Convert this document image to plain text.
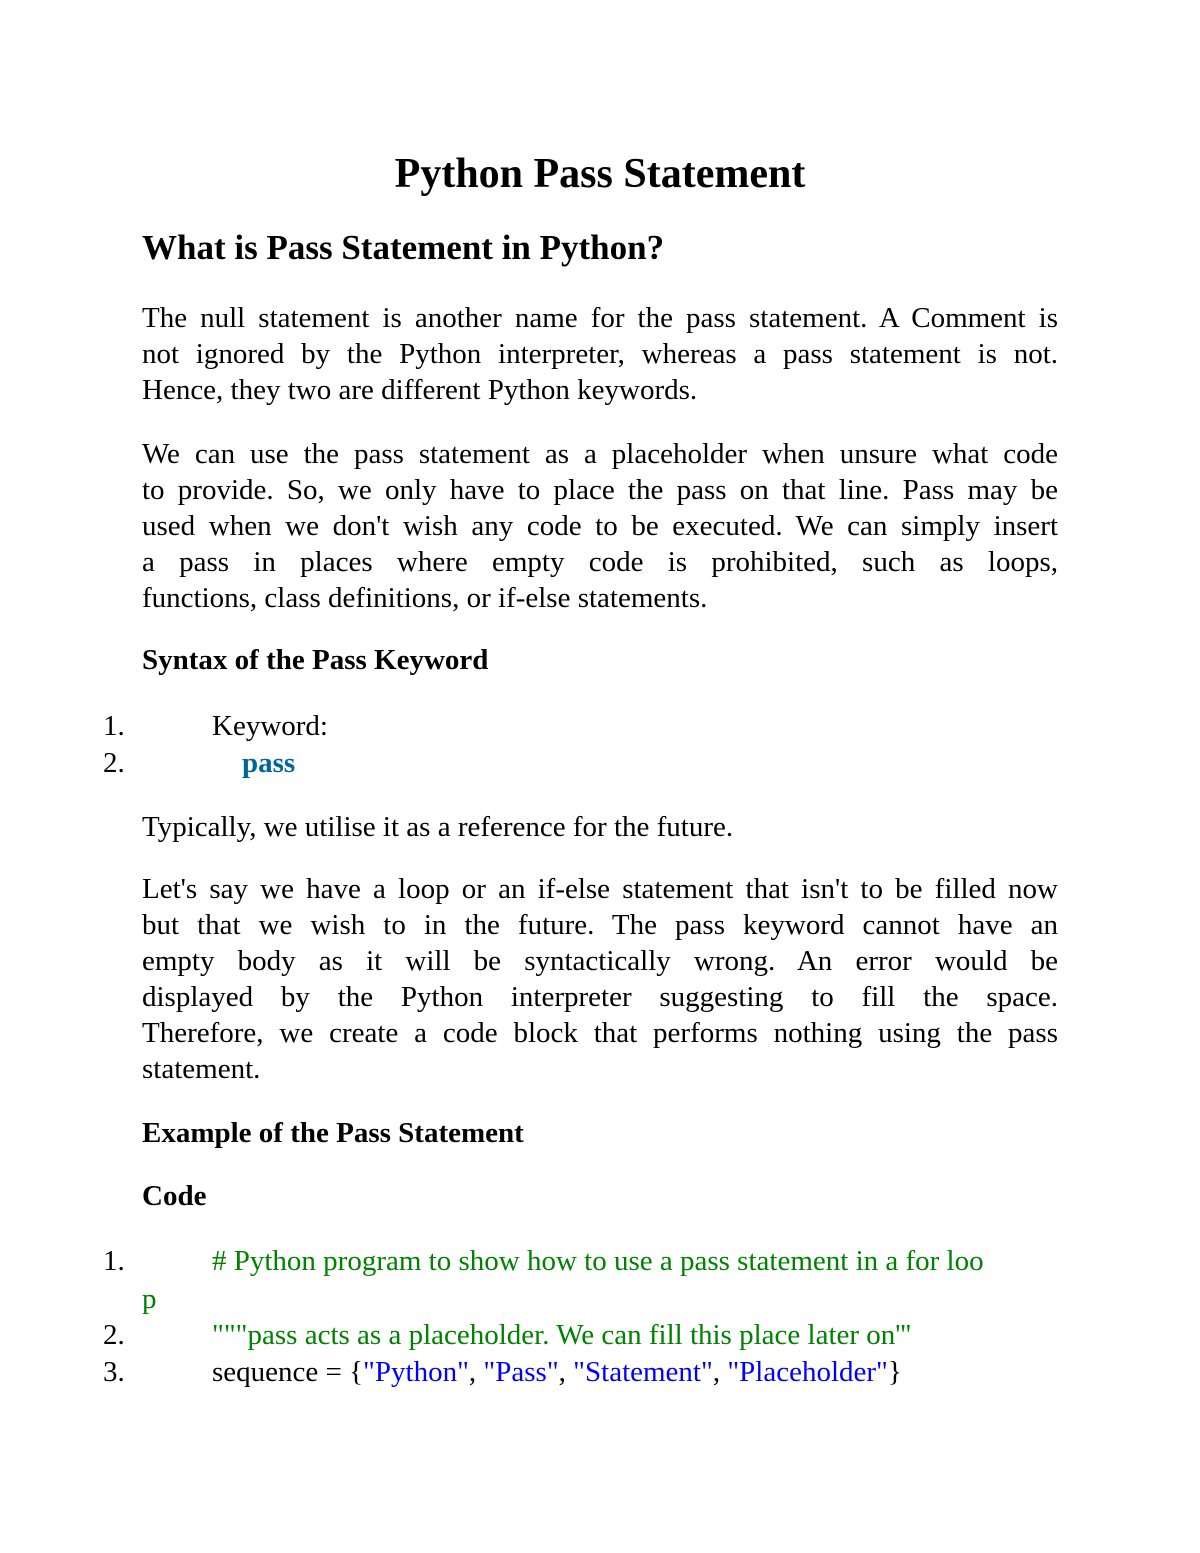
Python Pass Statement
What is Pass Statement in Python?
The null statement is another name for the pass statement. A Comment is
not ignored by the Python interpreter, whereas a pass statement is not.
Hence, they two are different Python keywords.
We can use the pass statement as a placeholder when unsure what code
to provide. So, we only have to place the pass on that line. Pass may be
used when we don't wish any code to be executed. We can simply insert
a pass in places where empty code is prohibited, such as loops,
functions, class definitions, or if-else statements.
Syntax of the Pass Keyword
1.	Keyword:
2.	pass
Typically, we utilise it as a reference for the future.
Let's say we have a loop or an if-else statement that isn't to be filled now
but that we wish to in the future. The pass keyword cannot have an
empty body as it will be syntactically wrong. An error would be
displayed by the Python interpreter suggesting to fill the space.
Therefore, we create a code block that performs nothing using the pass
statement.
Example of the Pass Statement
Code
1.	# Python program to show how to use a pass statement in a for loo
p
2.	"""pass acts as a placeholder. We can fill this place later on'''
3.	sequence = {"Python", "Pass", "Statement", "Placeholder"}
